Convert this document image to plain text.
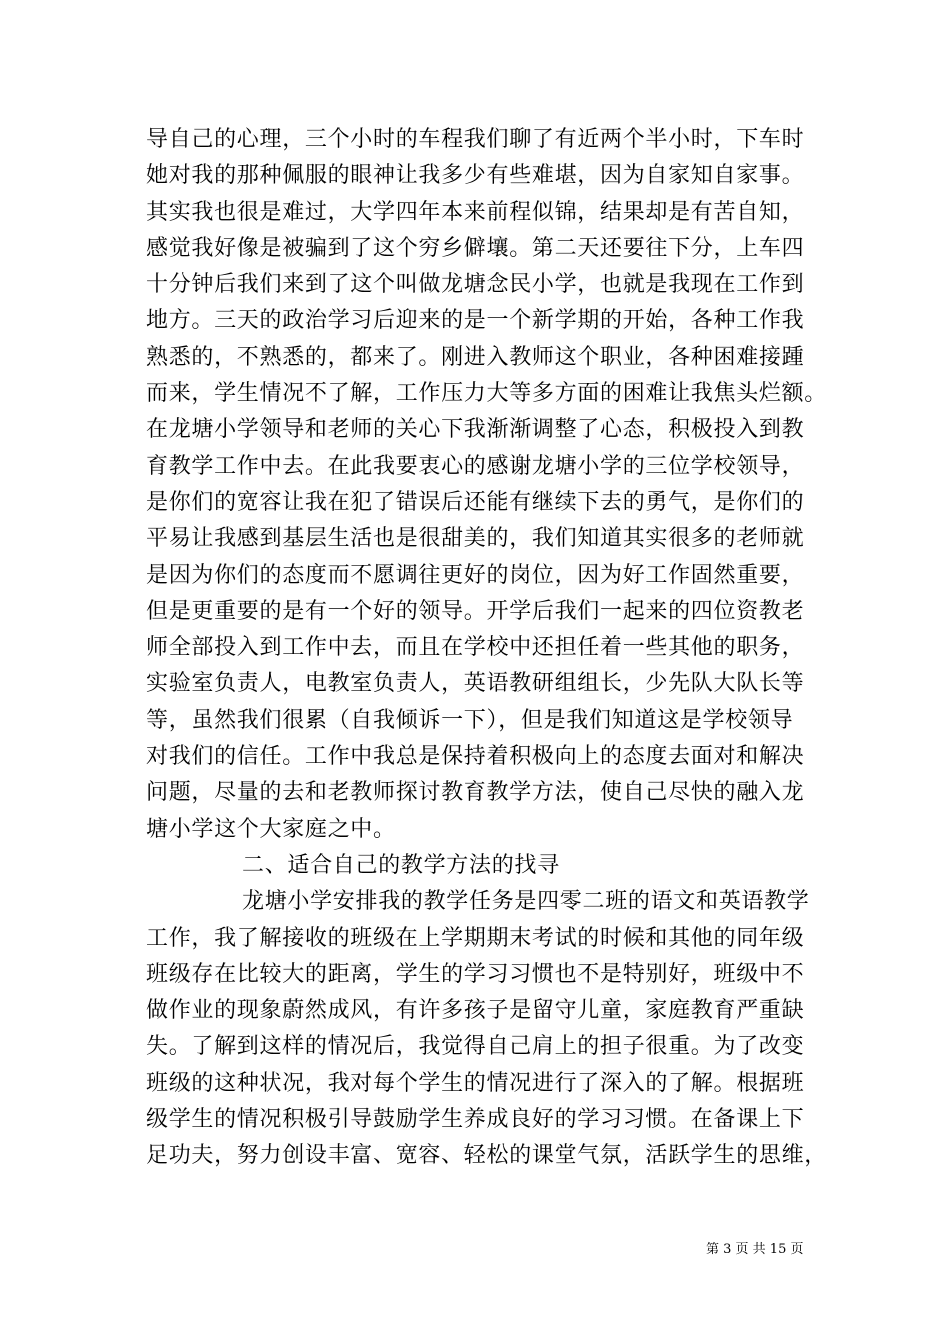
导自己的心理，三个小时的车程我们聊了有近两个半小时，下车时
她对我的那种佩服的眼神让我多少有些难堪，因为自家知自家事。
其实我也很是难过，大学四年本来前程似锦，结果却是有苦自知，
感觉我好像是被骗到了这个穷乡僻壤。第二天还要往下分，上车四
十分钟后我们来到了这个叫做龙塘念民小学，也就是我现在工作到
地方。三天的政治学习后迎来的是一个新学期的开始，各种工作我
熟悉的，不熟悉的，都来了。刚进入教师这个职业，各种困难接踵
而来，学生情况不了解，工作压力大等多方面的困难让我焦头烂额。
在龙塘小学领导和老师的关心下我渐渐调整了心态，积极投入到教
育教学工作中去。在此我要衷心的感谢龙塘小学的三位学校领导，
是你们的宽容让我在犯了错误后还能有继续下去的勇气，是你们的
平易让我感到基层生活也是很甜美的，我们知道其实很多的老师就
是因为你们的态度而不愿调往更好的岗位，因为好工作固然重要，
但是更重要的是有一个好的领导。开学后我们一起来的四位资教老
师全部投入到工作中去，而且在学校中还担任着一些其他的职务，
实验室负责人，电教室负责人，英语教研组组长，少先队大队长等
等，虽然我们很累（自我倾诉一下），但是我们知道这是学校领导
对我们的信任。工作中我总是保持着积极向上的态度去面对和解决
问题，尽量的去和老教师探讨教育教学方法，使自己尽快的融入龙
塘小学这个大家庭之中。
二、适合自己的教学方法的找寻
龙塘小学安排我的教学任务是四零二班的语文和英语教学
工作，我了解接收的班级在上学期期末考试的时候和其他的同年级
班级存在比较大的距离，学生的学习习惯也不是特别好，班级中不
做作业的现象蔚然成风，有许多孩子是留守儿童，家庭教育严重缺
失。了解到这样的情况后，我觉得自己肩上的担子很重。为了改变
班级的这种状况，我对每个学生的情况进行了深入的了解。根据班
级学生的情况积极引导鼓励学生养成良好的学习习惯。在备课上下
足功夫，努力创设丰富、宽容、轻松的课堂气氛，活跃学生的思维，
第 3 页 共 15 页
